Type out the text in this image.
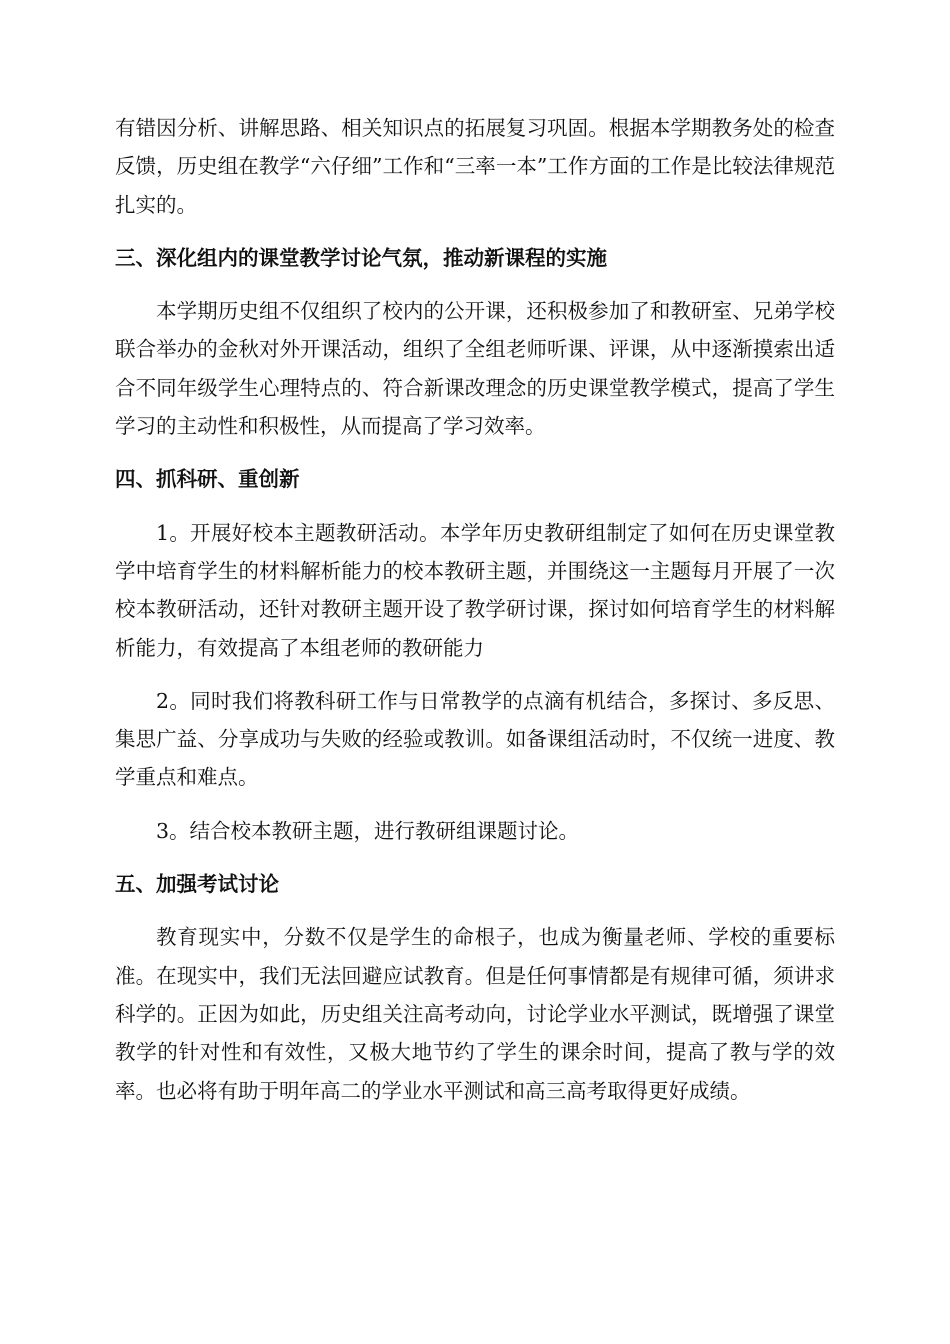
有错因分析、讲解思路、相关知识点的拓展复习巩固。根据本学期教务处的检查反馈，历史组在教学“六仔细”工作和“三率一本”工作方面的工作是比较法律规范扎实的。

三、深化组内的课堂教学讨论气氛，推动新课程的实施

本学期历史组不仅组织了校内的公开课，还积极参加了和教研室、兄弟学校联合举办的金秋对外开课活动，组织了全组老师听课、评课，从中逐渐摸索出适合不同年级学生心理特点的、符合新课改理念的历史课堂教学模式，提高了学生学习的主动性和积极性，从而提高了学习效率。

四、抓科研、重创新

1。开展好校本主题教研活动。本学年历史教研组制定了如何在历史课堂教学中培育学生的材料解析能力的校本教研主题，并围绕这一主题每月开展了一次校本教研活动，还针对教研主题开设了教学研讨课，探讨如何培育学生的材料解析能力，有效提高了本组老师的教研能力

2。同时我们将教科研工作与日常教学的点滴有机结合，多探讨、多反思、集思广益、分享成功与失败的经验或教训。如备课组活动时，不仅统一进度、教学重点和难点。

3。结合校本教研主题，进行教研组课题讨论。

五、加强考试讨论

教育现实中，分数不仅是学生的命根子，也成为衡量老师、学校的重要标准。在现实中，我们无法回避应试教育。但是任何事情都是有规律可循，须讲求科学的。正因为如此，历史组关注高考动向，讨论学业水平测试，既增强了课堂教学的针对性和有效性，又极大地节约了学生的课余时间，提高了教与学的效率。也必将有助于明年高二的学业水平测试和高三高考取得更好成绩。
